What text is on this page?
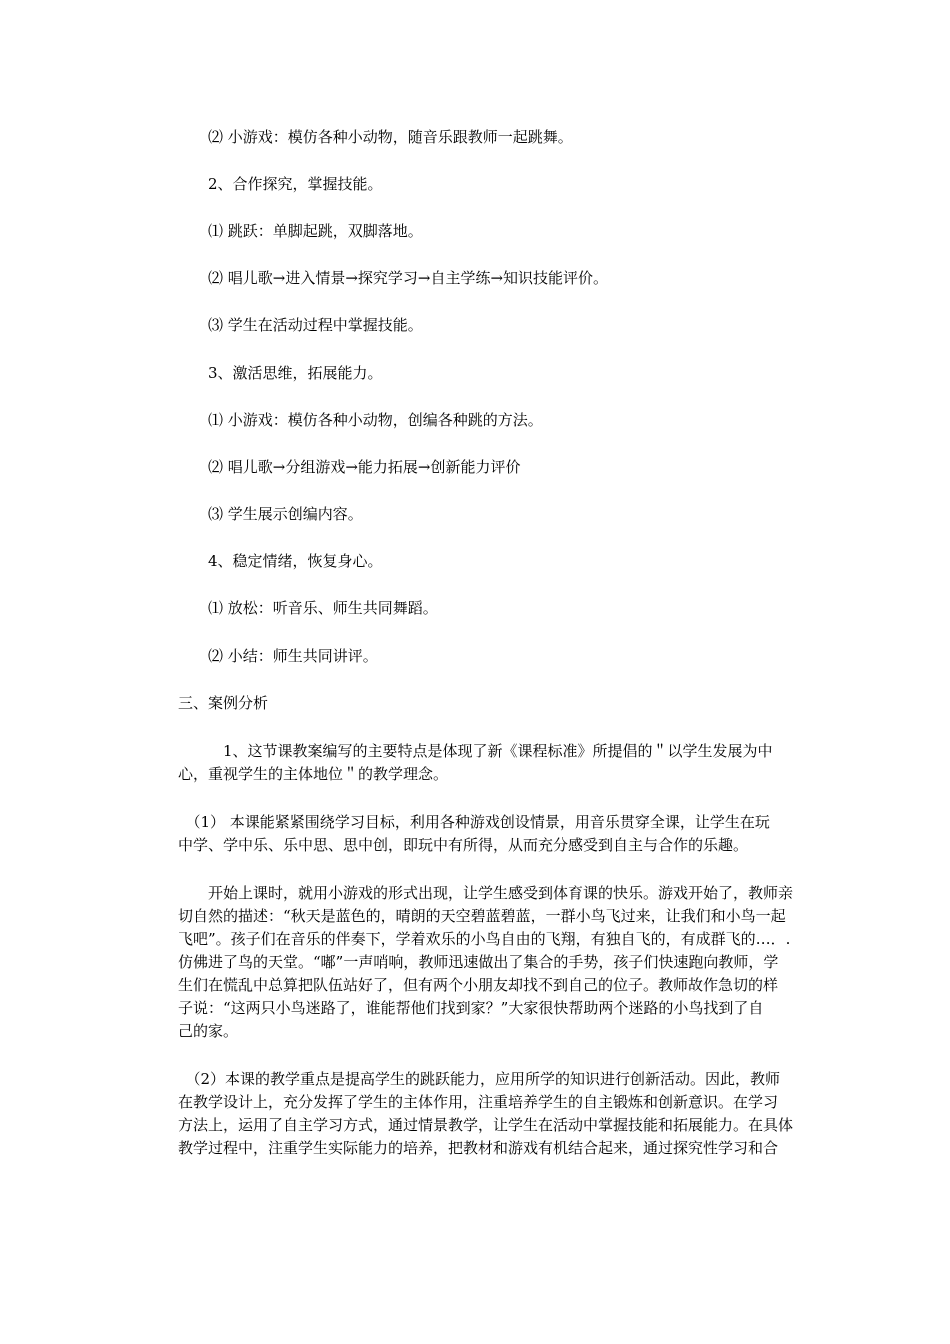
⑵ 小游戏：模仿各种小动物，随音乐跟教师一起跳舞。
2、合作探究，掌握技能。
⑴ 跳跃：单脚起跳，双脚落地。
⑵ 唱儿歌→进入情景→探究学习→自主学练→知识技能评价。
⑶ 学生在活动过程中掌握技能。
3、激活思维，拓展能力。
⑴ 小游戏：模仿各种小动物，创编各种跳的方法。
⑵ 唱儿歌→分组游戏→能力拓展→创新能力评价
⑶ 学生展示创编内容。
4、稳定情绪，恢复身心。
⑴ 放松：听音乐、师生共同舞蹈。
⑵ 小结：师生共同讲评。
三、案例分析
　　　1、这节课教案编写的主要特点是体现了新《课程标准》所提倡的＂以学生发展为中
心，重视学生的主体地位＂的教学理念。
　（1） 本课能紧紧围绕学习目标，利用各种游戏创设情景，用音乐贯穿全课，让学生在玩
中学、学中乐、乐中思、思中创，即玩中有所得，从而充分感受到自主与合作的乐趣。
　　开始上课时，就用小游戏的形式出现，让学生感受到体育课的快乐。游戏开始了，教师亲
切自然的描述：“秋天是蓝色的，晴朗的天空碧蓝碧蓝，一群小鸟飞过来，让我们和小鸟一起
飞吧”。孩子们在音乐的伴奏下，学着欢乐的小鸟自由的飞翔，有独自飞的，有成群飞的…．.
仿佛进了鸟的天堂。“嘟”一声哨响，教师迅速做出了集合的手势，孩子们快速跑向教师，学
生们在慌乱中总算把队伍站好了，但有两个小朋友却找不到自己的位子。教师故作急切的样
子说：“这两只小鸟迷路了，谁能帮他们找到家？”大家很快帮助两个迷路的小鸟找到了自
己的家。
　（2）本课的教学重点是提高学生的跳跃能力，应用所学的知识进行创新活动。因此，教师
在教学设计上，充分发挥了学生的主体作用，注重培养学生的自主锻炼和创新意识。在学习
方法上，运用了自主学习方式，通过情景教学，让学生在活动中掌握技能和拓展能力。在具体
教学过程中，注重学生实际能力的培养，把教材和游戏有机结合起来，通过探究性学习和合
